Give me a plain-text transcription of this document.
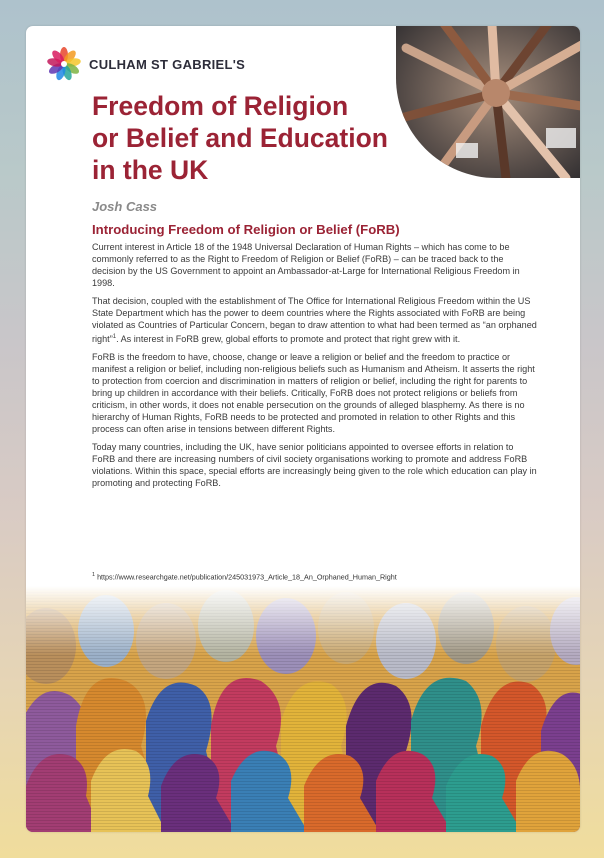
CULHAM ST GABRIEL'S
Freedom of Religion
or Belief and Education
in the UK

Josh Cass

Introducing Freedom of Religion or Belief (FoRB)

Current interest in Article 18 of the 1948 Universal Declaration of Human Rights – which has come to be commonly referred to as the Right to Freedom of Religion or Belief (FoRB) – can be traced back to the decision by the US Government to appoint an Ambassador-at-Large for International Religious Freedom in 1998.

That decision, coupled with the establishment of The Office for International Religious Freedom within the US State Department which has the power to deem countries where the Rights associated with FoRB are being violated as Countries of Particular Concern, began to draw attention to what had been termed as “an orphaned right”$^1$. As interest in FoRB grew, global efforts to promote and protect that right grew with it.

FoRB is the freedom to have, choose, change or leave a religion or belief and the freedom to practice or manifest a religion or belief, including non-religious beliefs such as Humanism and Atheism. It asserts the right to protection from coercion and discrimination in matters of religion or belief, including the right for parents to bring up children in accordance with their beliefs. Critically, FoRB does not protect religions or beliefs from criticism, in other words, it does not enable persecution on the grounds of alleged blasphemy. As there is no hierarchy of Human Rights, FoRB needs to be protected and promoted in relation to other Rights and this process can often arise in tensions between different Rights.

Today many countries, including the UK, have senior politicians appointed to oversee efforts in relation to FoRB and there are increasing numbers of civil society organisations working to promote and address FoRB violations. Within this space, special efforts are increasingly being given to the role which education can play in promoting and protecting FoRB.

$^1$ https://www.researchgate.net/publication/245031973_Article_18_An_Orphaned_Human_Right
